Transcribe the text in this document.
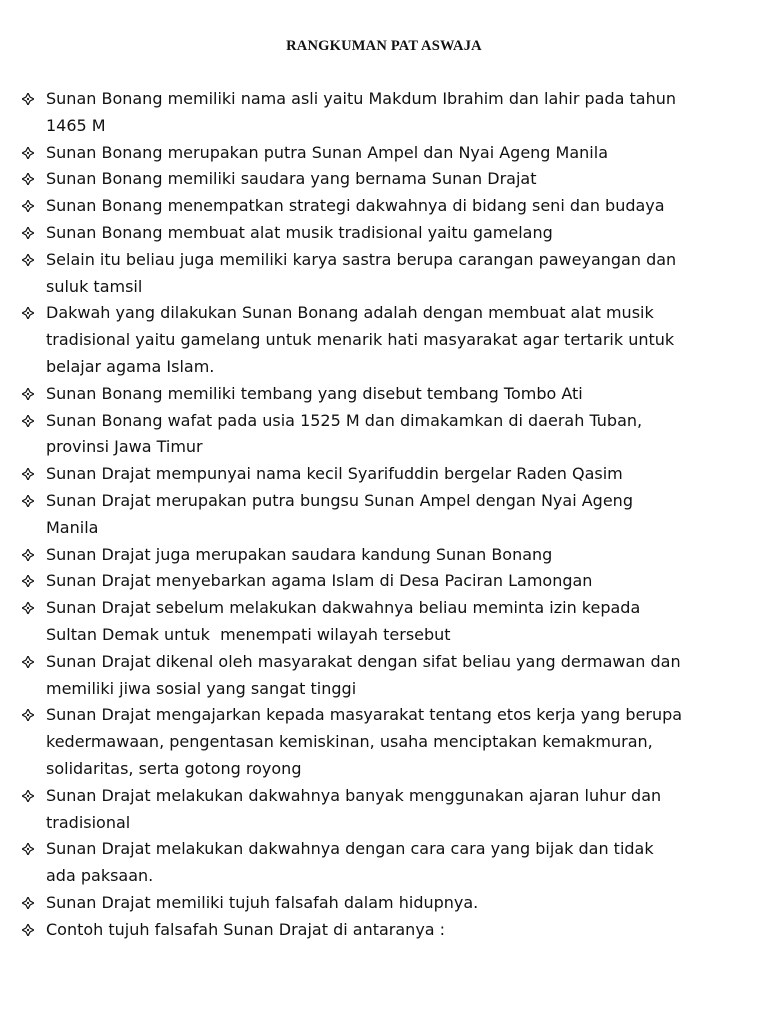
RANGKUMAN PAT ASWAJA
Sunan Bonang memiliki nama asli yaitu Makdum Ibrahim dan lahir pada tahun
1465 M
Sunan Bonang merupakan putra Sunan Ampel dan Nyai Ageng Manila
Sunan Bonang memiliki saudara yang bernama Sunan Drajat
Sunan Bonang menempatkan strategi dakwahnya di bidang seni dan budaya
Sunan Bonang membuat alat musik tradisional yaitu gamelang
Selain itu beliau juga memiliki karya sastra berupa carangan paweyangan dan
suluk tamsil
Dakwah yang dilakukan Sunan Bonang adalah dengan membuat alat musik
tradisional yaitu gamelang untuk menarik hati masyarakat agar tertarik untuk
belajar agama Islam.
Sunan Bonang memiliki tembang yang disebut tembang Tombo Ati
Sunan Bonang wafat pada usia 1525 M dan dimakamkan di daerah Tuban,
provinsi Jawa Timur
Sunan Drajat mempunyai nama kecil Syarifuddin bergelar Raden Qasim
Sunan Drajat merupakan putra bungsu Sunan Ampel dengan Nyai Ageng
Manila
Sunan Drajat juga merupakan saudara kandung Sunan Bonang
Sunan Drajat menyebarkan agama Islam di Desa Paciran Lamongan
Sunan Drajat sebelum melakukan dakwahnya beliau meminta izin kepada
Sultan Demak untuk  menempati wilayah tersebut
Sunan Drajat dikenal oleh masyarakat dengan sifat beliau yang dermawan dan
memiliki jiwa sosial yang sangat tinggi
Sunan Drajat mengajarkan kepada masyarakat tentang etos kerja yang berupa
kedermawaan, pengentasan kemiskinan, usaha menciptakan kemakmuran,
solidaritas, serta gotong royong
Sunan Drajat melakukan dakwahnya banyak menggunakan ajaran luhur dan
tradisional
Sunan Drajat melakukan dakwahnya dengan cara cara yang bijak dan tidak
ada paksaan.
Sunan Drajat memiliki tujuh falsafah dalam hidupnya.
Contoh tujuh falsafah Sunan Drajat di antaranya :
